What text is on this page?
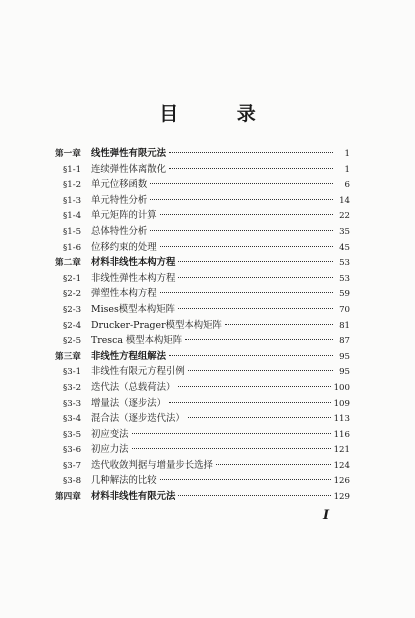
目 录
第一章	线性弹性有限元法	1
§1-1	连续弹性体离散化	1
§1-2	单元位移函数	6
§1-3	单元特性分析	14
§1-4	单元矩阵的计算	22
§1-5	总体特性分析	35
§1-6	位移约束的处理	45
第二章	材料非线性本构方程	53
§2-1	非线性弹性本构方程	53
§2-2	弹塑性本构方程	59
§2-3	Mises模型本构矩阵	70
§2-4	Drucker-Prager模型本构矩阵	81
§2-5	Tresca 模型本构矩阵	87
第三章	非线性方程组解法	95
§3-1	非线性有限元方程引例	95
§3-2	迭代法（总载荷法）	100
§3-3	增量法（逐步法）	109
§3-4	混合法（逐步迭代法）	113
§3-5	初应变法	116
§3-6	初应力法	121
§3-7	迭代收敛判据与增量步长选择	124
§3-8	几种解法的比较	126
第四章	材料非线性有限元法	129
I
